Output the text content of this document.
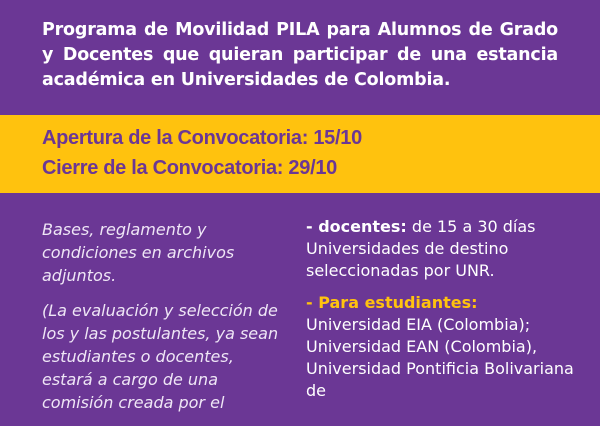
Programa de Movilidad PILA para Alumnos de Grado y Docentes que quieran participar de una estancia académica en Universidades de Colombia.
Apertura de la Convocatoria: 15/10
Cierre de la Convocatoria: 29/10

Bases, reglamento y condiciones en archivos adjuntos.

(La evaluación y selección de los y las postulantes, ya sean estudiantes o docentes, estará a cargo de una comisión creada por el

- docentes: de 15 a 30 días Universidades de destino seleccionadas por UNR.

- Para estudiantes:
Universidad EIA (Colombia); Universidad EAN (Colombia), Universidad Pontificia Bolivariana de
